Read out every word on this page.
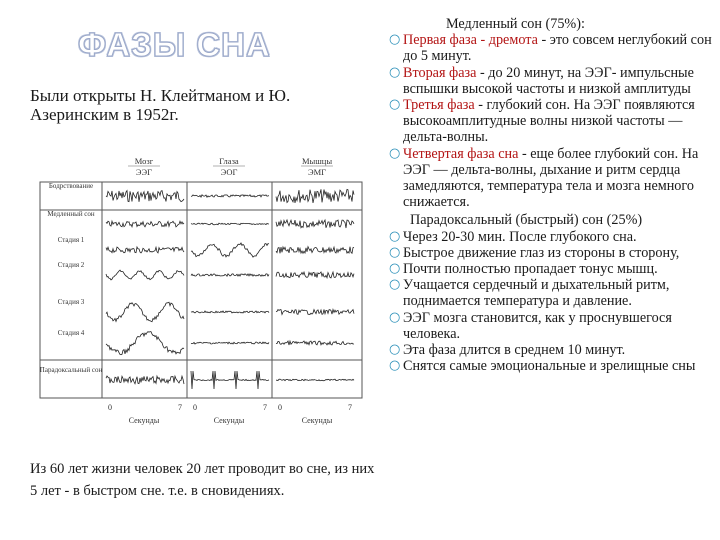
ФАЗЫ СНА

Были открыты Н. Клейтманом и Ю. Азеринским в 1952г.

Мозг
ЭЭГ
Глаза
ЭОГ
Мышцы
ЭМГ
Бодрствование
Медленный сон
Стадия 1
Стадия 2
Стадия 3
Стадия 4
Парадоксальный сон
0	7
Секунды
0	7
Секунды
0	7
Секунды

Из 60 лет жизни человек 20 лет проводит во сне, из них 5 лет - в быстром сне. т.е. в сновидениях.

Медленный сон (75%):

○ Первая фаза - дремота - это совсем неглубокий сон до 5 минут.
○ Вторая фаза - до 20 минут, на ЭЭГ- импульсные вспышки высокой частоты и низкой амплитуды
○ Третья фаза - глубокий сон. На ЭЭГ появляются высокоамплитудные волны низкой частоты — дельта-волны.
○ Четвертая фаза сна - еще более глубокий сон. На ЭЭГ — дельта-волны, дыхание и ритм сердца замедляются, температура тела и мозга немного снижается.

Парадоксальный (быстрый) сон (25%)

○ Через 20-30 мин. После глубокого сна.
○ Быстрое движение глаз из стороны в сторону,
○ Почти полностью пропадает тонус мышц.
○ Учащается сердечный и дыхательный ритм, поднимается температура и давление.
○ ЭЭГ мозга становится, как у проснувшегося человека.
○ Эта фаза длится в среднем 10 минут.
○ Снятся самые эмоциональные и зрелищные сны
